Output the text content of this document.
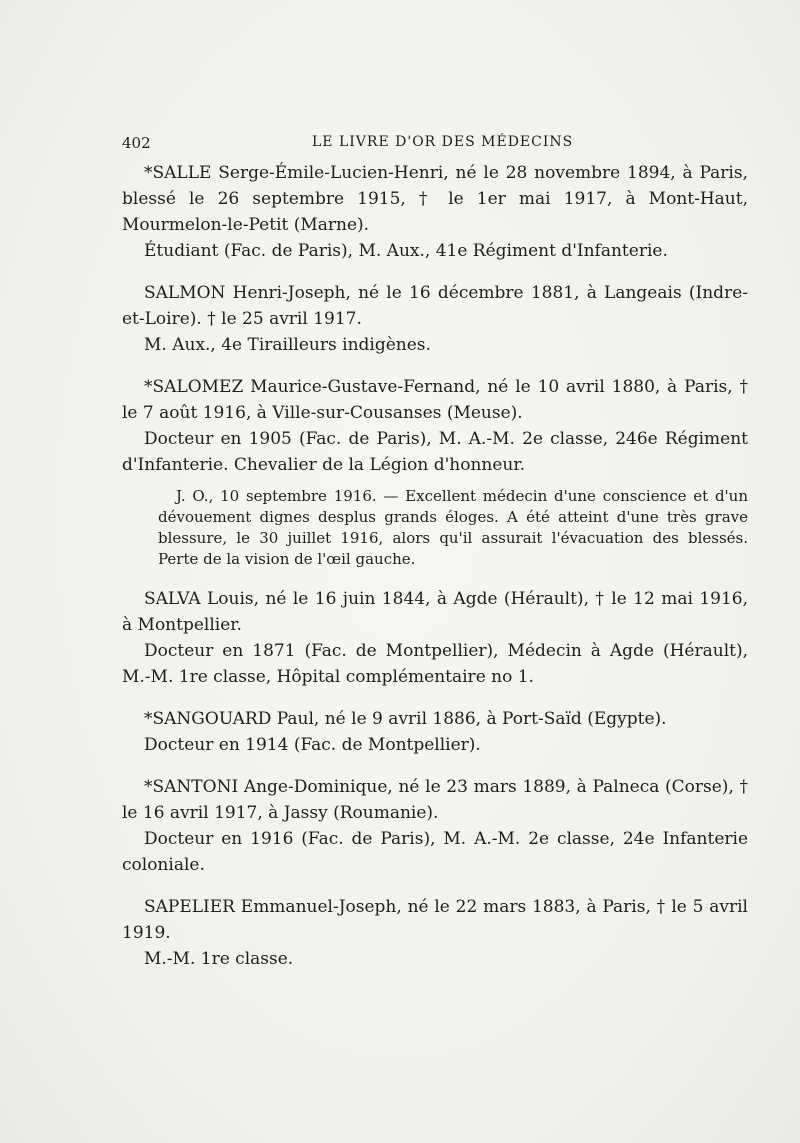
402	LE LIVRE D'OR DES MÉDECINS

*SALLE Serge-Émile-Lucien-Henri, né le 28 novembre 1894, à Paris, blessé le 26 septembre 1915, † le 1er mai 1917, à Mont-Haut, Mourmelon-le-Petit (Marne).

Étudiant (Fac. de Paris), M. Aux., 41e Régiment d'Infanterie.

SALMON Henri-Joseph, né le 16 décembre 1881, à Langeais (Indre-et-Loire). † le 25 avril 1917.

M. Aux., 4e Tirailleurs indigènes.

*SALOMEZ Maurice-Gustave-Fernand, né le 10 avril 1880, à Paris, † le 7 août 1916, à Ville-sur-Cousanses (Meuse).

Docteur en 1905 (Fac. de Paris), M. A.-M. 2e classe, 246e Régiment d'Infanterie. Chevalier de la Légion d'honneur.

J. O., 10 septembre 1916. — Excellent médecin d'une conscience et d'un dévouement dignes desplus grands éloges. A été atteint d'une très grave blessure, le 30 juillet 1916, alors qu'il assurait l'évacuation des blessés. Perte de la vision de l'œil gauche.

SALVA Louis, né le 16 juin 1844, à Agde (Hérault), † le 12 mai 1916, à Montpellier.

Docteur en 1871 (Fac. de Montpellier), Médecin à Agde (Hérault), M.-M. 1re classe, Hôpital complémentaire no 1.

*SANGOUARD Paul, né le 9 avril 1886, à Port-Saïd (Egypte).

Docteur en 1914 (Fac. de Montpellier).

*SANTONI Ange-Dominique, né le 23 mars 1889, à Palneca (Corse), † le 16 avril 1917, à Jassy (Roumanie).

Docteur en 1916 (Fac. de Paris), M. A.-M. 2e classe, 24e Infanterie coloniale.

SAPELIER Emmanuel-Joseph, né le 22 mars 1883, à Paris, † le 5 avril 1919.

M.-M. 1re classe.
